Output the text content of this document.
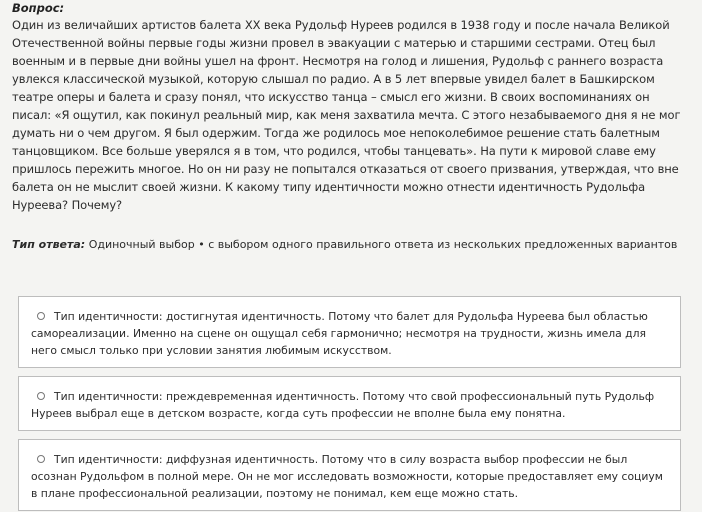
Вопрос:
Один из величайших артистов балета XX века Рудольф Нуреев родился в 1938 году и после начала Великой Отечественной войны первые годы жизни провел в эвакуации с матерью и старшими сестрами. Отец был военным и в первые дни войны ушел на фронт. Несмотря на голод и лишения, Рудольф с раннего возраста увлекся классической музыкой, которую слышал по радио. А в 5 лет впервые увидел балет в Башкирском театре оперы и балета и сразу понял, что искусство танца – смысл его жизни. В своих воспоминаниях он писал: «Я ощутил, как покинул реальный мир, как меня захватила мечта. С этого незабываемого дня я не мог думать ни о чем другом. Я был одержим. Тогда же родилось мое непоколебимое решение стать балетным танцовщиком. Все больше уверялся я в том, что родился, чтобы танцевать». На пути к мировой славе ему пришлось пережить многое. Но он ни разу не попытался отказаться от своего призвания, утверждая, что вне балета он не мыслит своей жизни. К какому типу идентичности можно отнести идентичность Рудольфа Нуреева? Почему?
Тип ответа: Одиночный выбор • с выбором одного правильного ответа из нескольких предложенных вариантов
Тип идентичности: достигнутая идентичность. Потому что балет для Рудольфа Нуреева был областью самореализации. Именно на сцене он ощущал себя гармонично; несмотря на трудности, жизнь имела для него смысл только при условии занятия любимым искусством.
Тип идентичности: преждевременная идентичность. Потому что свой профессиональный путь Рудольф Нуреев выбрал еще в детском возрасте, когда суть профессии не вполне была ему понятна.
Тип идентичности: диффузная идентичность. Потому что в силу возраста выбор профессии не был осознан Рудольфом в полной мере. Он не мог исследовать возможности, которые предоставляет ему социум в плане профессиональной реализации, поэтому не понимал, кем еще можно стать.
